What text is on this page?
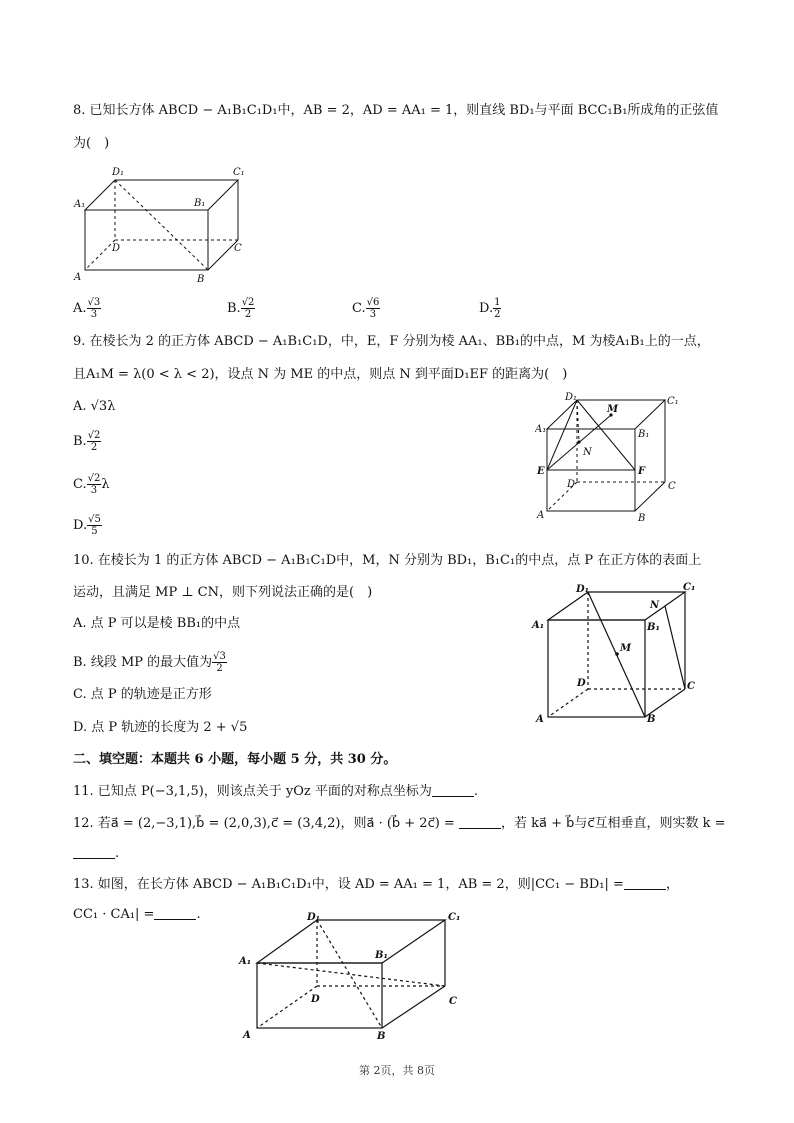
8. 已知长方体 ABCD − A₁B₁C₁D₁中，AB = 2，AD = AA₁ = 1，则直线 BD₁与平面 BCC₁B₁所成角的正弦值
为(　)
D₁	C₁
A₁	B₁
D	C
A	B
A. $\frac{√3}{3}$	B. $\frac{√2}{2}$	C. $\frac{√6}{3}$	D. $\frac{1}{2}$
9. 在棱长为 2 的正方体 ABCD − A₁B₁C₁D，中，E，F 分别为棱 AA₁、BB₁的中点，M 为棱A₁B₁上的一点，
且A₁M = λ(0 < λ < 2)，设点 N 为 ME 的中点，则点 N 到平面D₁EF 的距离为(　)
A. √3λ
B. $\frac{√2}{2}$
C. $\frac{√2}{3}$ λ
D. $\frac{√5}{5}$
D₁	C₁
A₁
M
B₁
N
E	F
D	C
A	B
10. 在棱长为 1 的正方体 ABCD − A₁B₁C₁D中，M，N 分别为 BD₁，B₁C₁的中点，点 P 在正方体的表面上
运动，且满足 MP ⊥ CN，则下列说法正确的是(　)
A. 点 P 可以是棱 BB₁的中点
B. 线段 MP 的最大值为 $\frac{√3}{2}$
C. 点 P 的轨迹是正方形
D. 点 P 轨迹的长度为 2 + √5
D₁	C₁
N
A₁	B₁
M
D	C
A	B
二、填空题：本题共 6 小题，每小题 5 分，共 30 分。
11. 已知点 P(−3,1,5)，则该点关于 yOz 平面的对称点坐标为	.
12. 若a⃗ = (2,−3,1),b⃗ = (2,0,3),c⃗ = (3,4,2)，则a⃗ · (b⃗ + 2c⃗) =	，若 ka⃗ + b⃗与c⃗互相垂直，则实数 k =
.
13. 如图，在长方体 ABCD − A₁B₁C₁D₁中，设 AD = AA₁ = 1，AB = 2，则|CC₁ − BD₁| =	，
CC₁ · CA₁| =	.	D₁	C₁
A₁
B₁
D	C
A	B
第 2页，共 8页
